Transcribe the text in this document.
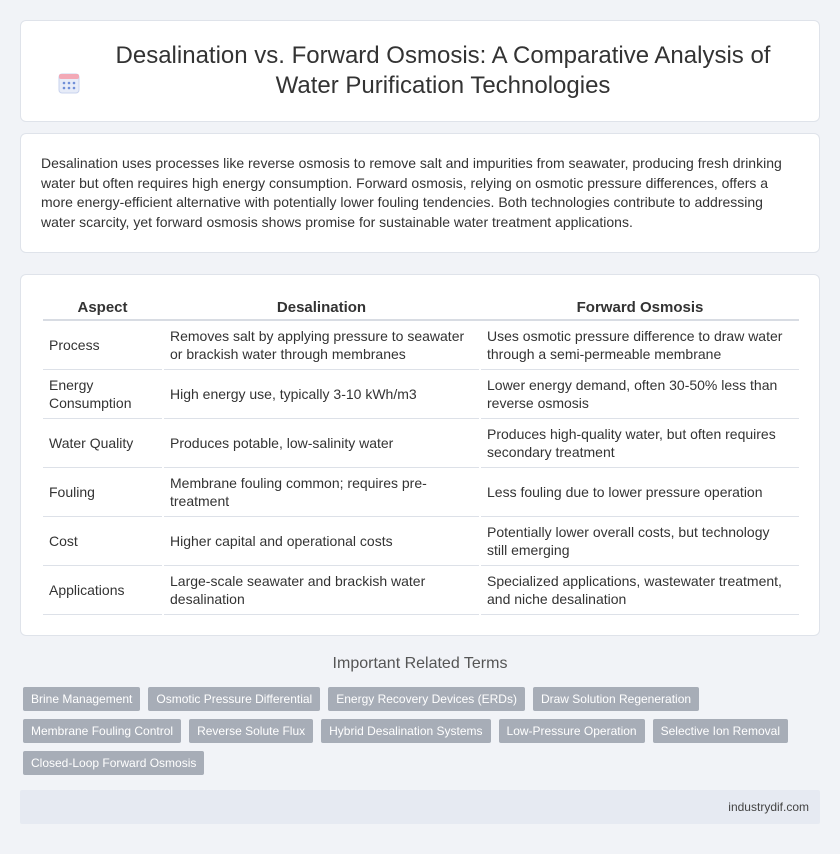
Desalination vs. Forward Osmosis: A Comparative Analysis of Water Purification Technologies

Desalination uses processes like reverse osmosis to remove salt and impurities from seawater, producing fresh drinking water but often requires high energy consumption. Forward osmosis, relying on osmotic pressure differences, offers a more energy-efficient alternative with potentially lower fouling tendencies. Both technologies contribute to addressing water scarcity, yet forward osmosis shows promise for sustainable water treatment applications.

Aspect	Desalination	Forward Osmosis
Process	Removes salt by applying pressure to seawater or brackish water through membranes	Uses osmotic pressure difference to draw water through a semi-permeable membrane
Energy Consumption	High energy use, typically 3-10 kWh/m3	Lower energy demand, often 30-50% less than reverse osmosis
Water Quality	Produces potable, low-salinity water	Produces high-quality water, but often requires secondary treatment
Fouling	Membrane fouling common; requires pre-treatment	Less fouling due to lower pressure operation
Cost	Higher capital and operational costs	Potentially lower overall costs, but technology still emerging
Applications	Large-scale seawater and brackish water desalination	Specialized applications, wastewater treatment, and niche desalination
Important Related Terms
Brine Management	Osmotic Pressure Differential	Energy Recovery Devices (ERDs)	Draw Solution Regeneration
Membrane Fouling Control	Reverse Solute Flux	Hybrid Desalination Systems	Low-Pressure Operation	Selective Ion Removal
Closed-Loop Forward Osmosis
industrydif.com
